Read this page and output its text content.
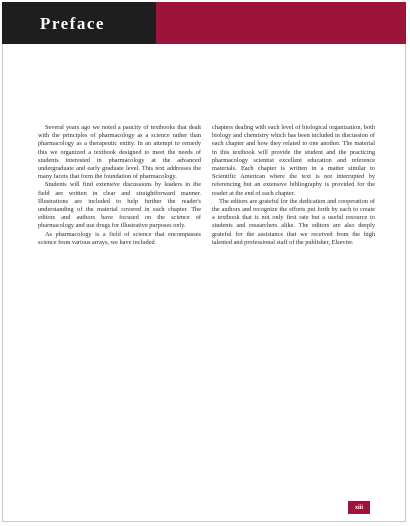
Preface

Several years ago we noted a paucity of textbooks that dealt with the principles of pharmacology as a science rather than pharmacology as a therapeutic entity. In an attempt to remedy this we organized a textbook designed to meet the needs of students interested in pharmacology at the advanced undergraduate and early graduate level. This text addresses the many facets that form the foundation of pharmacology.

Students will find extensive discussions by leaders in the field are written in clear and straightforward manner. Illustrations are included to help further the reader's understanding of the material covered in each chapter. The editors and authors have focused on the science of pharmacology and use drugs for illustrative purposes only.

As pharmacology is a field of science that encompasses science from various arrays, we have included

chapters dealing with each level of biological organization, both biology and chemistry which has been included in discussion of each chapter and how they related to one another. The material in this textbook will provide the student and the practicing pharmacology scientist excellent education and reference materials. Each chapter is written in a matter similar to Scientific American where the text is not interrupted by referencing but an extensive bibliography is provided for the reader at the end of each chapter.

The editors are grateful for the dedication and cooperation of the authors and recognize the efforts put forth by each to create a textbook that is not only first rate but a useful resource to students and researchers alike. The editors are also deeply grateful for the assistance that we received from the high talented and professional staff of the publisher, Elsevier.

xiii
